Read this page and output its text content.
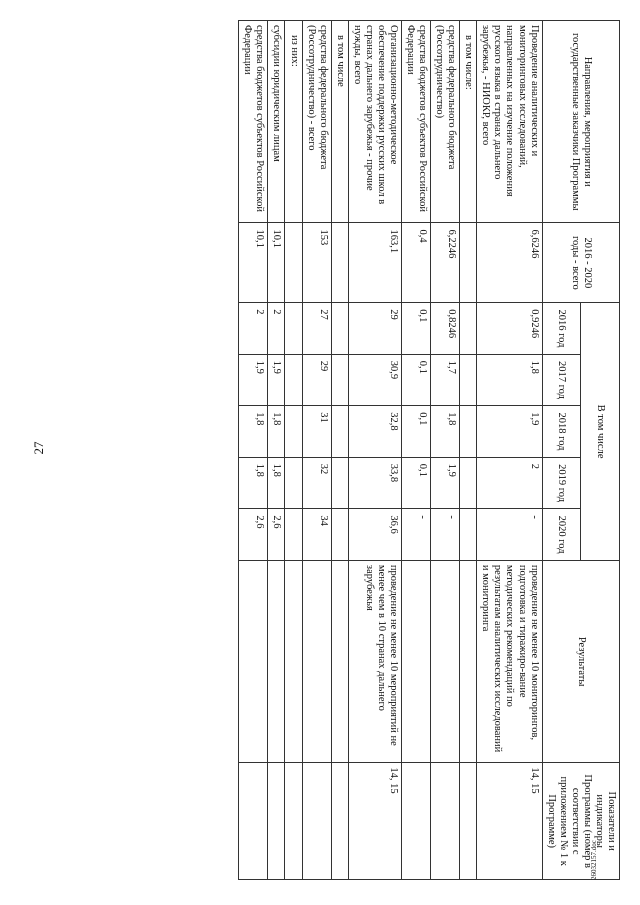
27
26032157.doc
Направления, мероприятия и государственные заказчики Программы	2016 - 2020 годы - всего	В том числе					Результаты	Показатели и индикаторы Программы (номер в соответствии с приложением № 1 к Программе)
		2016 год	2017 год	2018 год	2019 год	2020 год		
Проведение аналитических и мониторинговых исследований, направленных на изучение положения русского языка в странах дальнего зарубежья, - НИОКР, всего	6,6246	0,9246	1,8	1,9	2	-	проведение не менее 10 мониторингов, подготовка и тиражиро-вание методических рекомендаций по результатам аналитических исследований и мониторинга	14, 15
в том числе:								
средства федерального бюджета (Россотрудничество)	6,2246	0,8246	1,7	1,8	1,9	-		
средства бюджетов субъектов Российской Федерации	0,4	0,1	0,1	0,1	0,1	-		
Организационно-методическое обеспечение поддержки русских школ в странах дальнего зарубежья - прочие нужды, всего	163,1	29	30,9	32,8	33,8	36,6	проведение не менее 10 мероприятий не менее чем в 10 странах дальнего зарубежья	14, 15
в том числе								
средства федерального бюджета (Россотрудничество) - всего	153	27	29	31	32	34		
из них:								
субсидии юридическим лицам	10,1	2	1,9	1,8	1,8	2,6		
средства бюджетов субъектов Российской Федерации	10,1	2	1,9	1,8	1,8	2,6		
